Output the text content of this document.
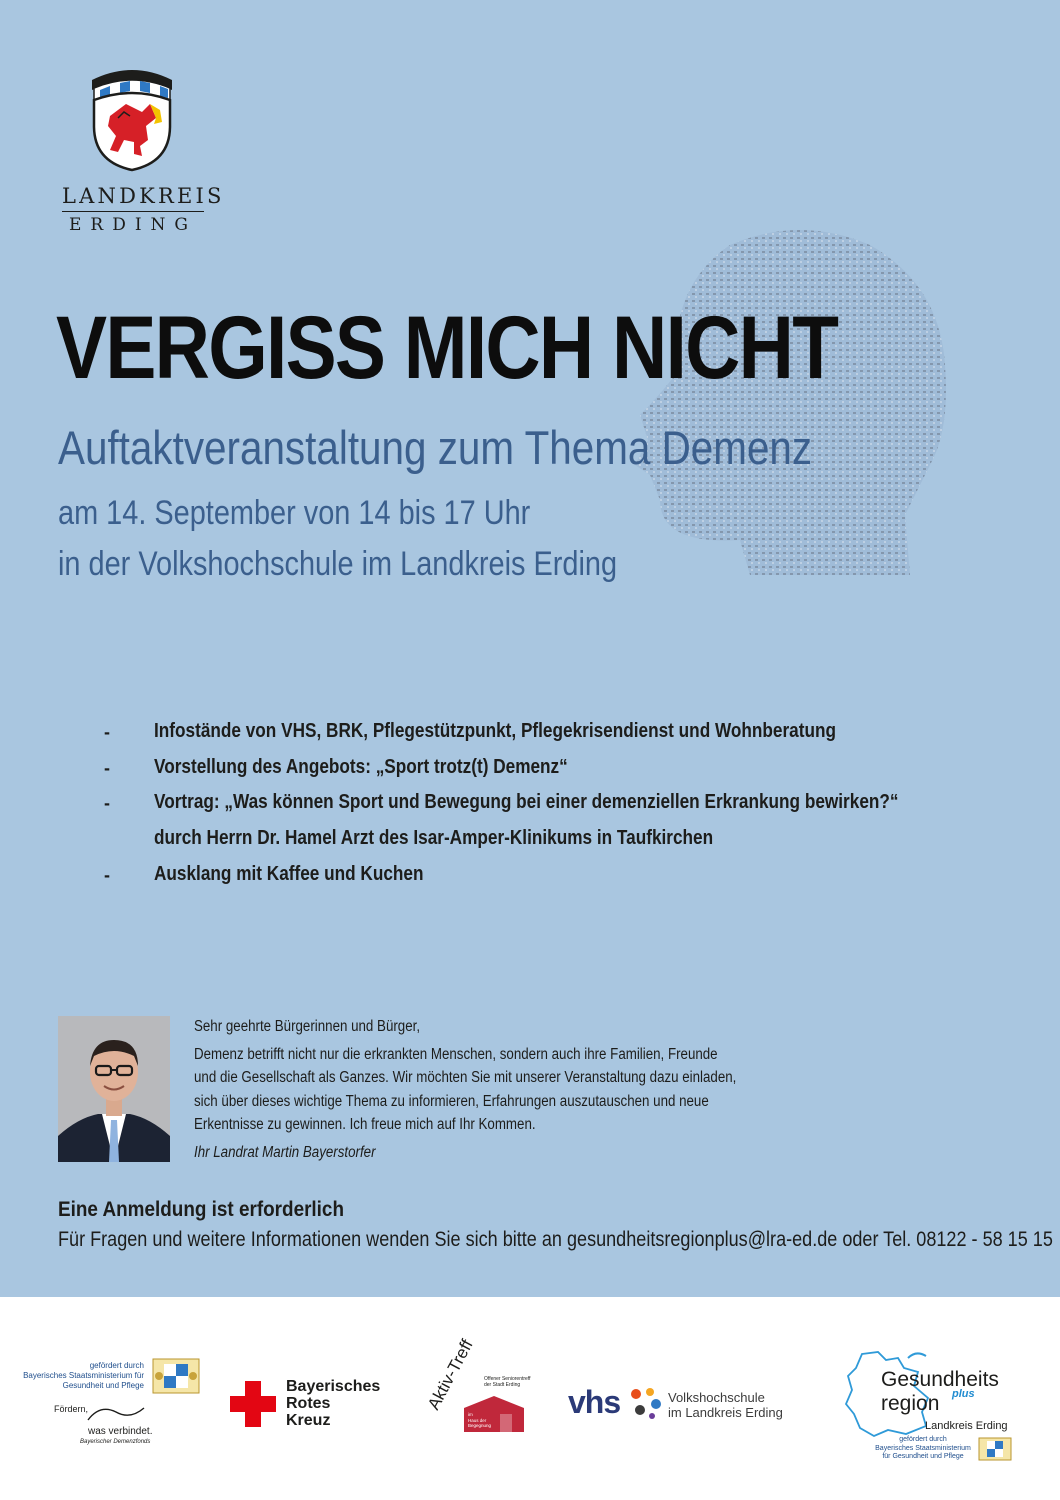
LANDKREIS
ERDING
VERGISS MICH NICHT
Auftaktveranstaltung zum Thema Demenz
am 14. September von 14 bis 17 Uhr
in der Volkshochschule im Landkreis Erding
- Infostände von VHS, BRK, Pflegestützpunkt, Pflegekrisendienst und Wohnberatung
- Vorstellung des Angebots: „Sport trotz(t) Demenz“
- Vortrag: „Was können Sport und Bewegung bei einer demenziellen Erkrankung bewirken?“
durch Herrn Dr. Hamel Arzt des Isar-Amper-Klinikums in Taufkirchen
- Ausklang mit Kaffee und Kuchen
Sehr geehrte Bürgerinnen und Bürger,
Demenz betrifft nicht nur die erkrankten Menschen, sondern auch ihre Familien, Freunde
und die Gesellschaft als Ganzes. Wir möchten Sie mit unserer Veranstaltung dazu einladen,
sich über dieses wichtige Thema zu informieren, Erfahrungen auszutauschen und neue
Erkentnisse zu gewinnen. Ich freue mich auf Ihr Kommen.
Ihr Landrat Martin Bayerstorfer
Eine Anmeldung ist erforderlich
Für Fragen und weitere Informationen wenden Sie sich bitte an gesundheitsregionplus@lra-ed.de oder Tel. 08122 - 58 15 15
gefördert durch
Bayerisches Staatsministerium für
Gesundheit und Pflege
Fördern,
was verbindet.
Bayerischer Demenzfonds
Bayerisches
Rotes
Kreuz
Aktiv-Treff Offener Seniorentreff
der Stadt Erding
im
Haus der
Begegnung
vhs	Volkshochschule
im Landkreis Erding
Gesundheits
region plus
Landkreis Erding
gefördert durch
Bayerisches Staatsministerium
für Gesundheit und Pflege
